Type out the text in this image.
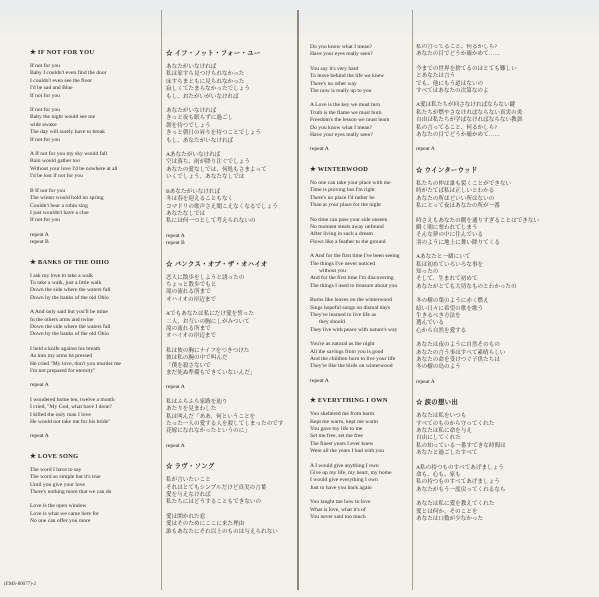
★ IF NOT FOR YOU
If not for you
Baby I couldn't even find the door
I couldn't even see the floor
I'd be sad and Blue
If not for you
If not for you
Baby the night would see me
wide awake
The day will surely have to break
If not for you
A If not for you my sky would fall
Rain would gather too
Without your love I'd be nowhere at all
I'd be lost if not for you
B If not for you
The winter would hold no spring
Couldn't hear a robin sing
I just wouldn't have a clue
If not for you
repeat A
repeat B
★ BANKS OF THE OHIO
I ask my love to take a walk
To take a walk, just a little walk
Down the side where the waters fall
Down by the banks of the old Ohio
A And only said but you'll be mine
In the others arms and twine
Down the side where the waters fall
Down by the banks of the old Ohio
I held a knife against his breath
As into my arms he pressed
He cried "My love, don't you murder me
I'm not prepared for eternity"
repeat A
I wondered home ten, twelve a month
I cried, "My God, what have I done?
I killed the only man I love
He would not take me for his bride"
repeat A
★ LOVE SONG
The word I have to say
The word so simple but it's true
Until you give your love
There's nothing more that we can do
Love is the open window
Love is what we came here for
No one can offer you more
☆ イフ・ノット・フォー・ユー
あなたがいなければ
私は扉すら見つけられなかった
床すらまともに見られなかった
寂しくてたまらなかったでしょう
もし、おたがいがいなければ
あなたがいなければ
きっと夜も眠らずに過ごし
朝を待つでしょう
きっと朝日の昇りを待つことでしょう
もし、あなたがいなければ
Aあなたがいなければ
空は落ち、雨が降り注ぐでしょう
あなたの愛なしでは、何処もさまよって
いくでしょう、あなたなしでは
Bあなたがいなければ
冬は春を迎えることもなく
コマドリの歌声さえ聞こえなくなるでしょう
あなたなしでは
私には何一つとして考えられないの
repeat A
repeat B
☆ バンクス・オブ・ザ・オハイオ
恋人に散歩をしようと誘ったの
ちょっと散歩でもと
滝の流れる所まで
オハイオの岸辺まで
Aでもあなたは私にだけ愛を誓った
二人、お互いの胸にしがみついて
滝の流れる所まで
オハイオの岸辺まで
私は彼の胸にナイフをつきつけた
彼は私の腕の中で叫んだ
「僕を殺さないで
まだ死ぬ準備もできていないんだ」
repeat A
私はふらふら家路を辿り
あたりを見まわした
私は叫んだ「ああ、何ということを
たった一人の愛する人を殺してしまったのです
花嫁になれなかったというのに」
repeat A
☆ ラヴ・ソング
私が言いたいこと
それはとてもシンプルだけど真実の言葉
愛を与えなければ
私たちにはどうすることもできないの
愛は開かれた窓
愛はそのためにここに来た理由
誰もあなたにそれ以上のものは与えられない
Do you know what I mean?
Have your eyes really seen?
You say it's very hard
To leave behind the life we knew
There's no other way
The now is really up to you
A Love is the key we must turn
Truth is the flame we must burn
Freedom's the lesson we must learn
Do you know what I mean?
Have your eyes really seen?
repeat A
★ WINTERWOOD
No one can take your place with me
Time is proving but I'm right
There's no place I'd rather be
Than at your place for the night
No time can pass your side unseen
No moment steals away unfound
After living in such a dream
Flows like a feather to the ground
A And for the first time I've been seeing
The things I've never noticed
without you
And for the first time I'm discovering
The things I used to treasure about you
Burns like leaves on the winterwood
Sings hopeful songs on dismal days
They've learned to live life as
they should
They live with peace with nature's way
You're as natural as the night
All the savings from you is good
And the children born to live your life
They're like the birds on winterwood
repeat A
★ EVERYTHING I OWN
You sheltered me from harm
Kept me warm, kept me warm
You gave my life to me
Set me free, set me free
The finest years I ever knew
Were all the years I had with you
A I would give anything I own
Give up my life, my heart, my home
I would give everything I own
Just to have you back again
You taught me how to love
What is love, what it's of
You never said too much
私の言ってること、何るかしら?
あなたの目でどうか確かめて……
今までの世界を捨てるのはとても難しい
とあなたは言う
でも、他にもう道はないの
すべてはあなたの次第なのよ
A愛は私たちが回さなければならない鍵
私たちが燃やさなければならない真実の炎
自由は私たちが学ばなければならない教訓
私の言ってること、何るかしら?
あなたの目でどうか確かめて……
repeat A
☆ ウインターウッド
私たちの仲は誰も裂くことができない
時がたてば私は正しいとわかる
あなたの所ほどいい所はないの
私にとって夜はあなたの所が一番
時さえもあなたの側を通りすぎることはできない
瞬く間に奪われてしまう
そんな夢の中に住んでいる
羽のように地上に舞い降りてくる
Aあなたと一緒にいて
私は初めていろいろな事を
知ったの
そして、生まれて初めて
あなたがとても大切なものとわかったの
冬の樹の葉のように赤く燃え
暗い日々に希望の歌を歌う
生きるべき方法を
選んでいる
心から自然を愛する
あなたは夜のように自然そのもの
あなたの言う事はすべて素晴らしい
あなたの命を受けつぐ子供たちは
冬の樹の鳥のよう
repeat A
☆ 涙の想い出
あなたは私をいつも
すべてのものから守ってくれた
あなたは私に命を与え
自由にしてくれた
私の知っている一番すてきな時間は
あなたと過ごしたすべて
A私の持つものすべてあげましょう
命も、心も、家も
私の持つものすべてあげましょう
あなたがもう一度戻ってくれるなら
あなたは私に愛を教えてくれた
愛とは何か、そのことを
あなたは口数が少なかった
(EMS-80077)-2
